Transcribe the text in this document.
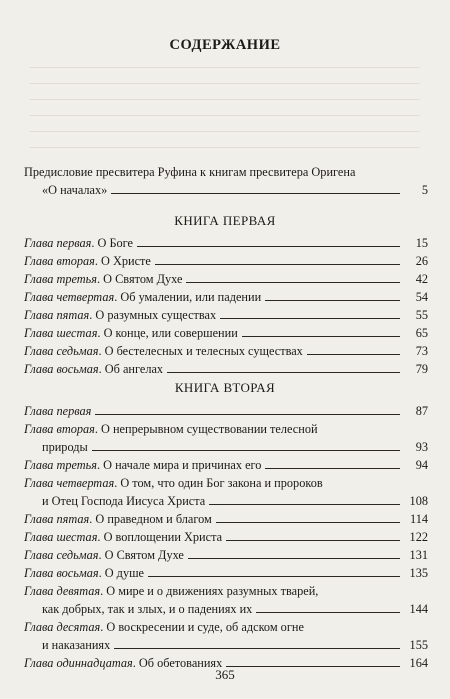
СОДЕРЖАНИЕ
Предисловие пресвитера Руфина к книгам пресвитера Оригена
«О началах»	5
КНИГА ПЕРВАЯ
Глава первая . О Боге	15
Глава вторая . О Христе	26
Глава третья . О Святом Духе	42
Глава четвертая . Об умалении, или падении	54
Глава пятая . О разумных существах	55
Глава шестая . О конце, или совершении	65
Глава седьмая . О бестелесных и телесных существах	73
Глава восьмая . Об ангелах	79
КНИГА ВТОРАЯ
Глава первая	87
Глава вторая . О непрерывном существовании телесной
природы	93
Глава третья . О начале мира и причинах его	94
Глава четвертая . О том, что один Бог закона и пророков
и Отец Господа Иисуса Христа	108
Глава пятая . О праведном и благом	114
Глава шестая . О воплощении Христа	122
Глава седьмая . О Святом Духе	131
Глава восьмая . О душе	135
Глава девятая . О мире и о движениях разумных тварей,
как добрых, так и злых, и о падениях их	144
Глава десятая . О воскресении и суде, об адском огне
и наказаниях	155
Глава одиннадцатая . Об обетованиях	164
365
